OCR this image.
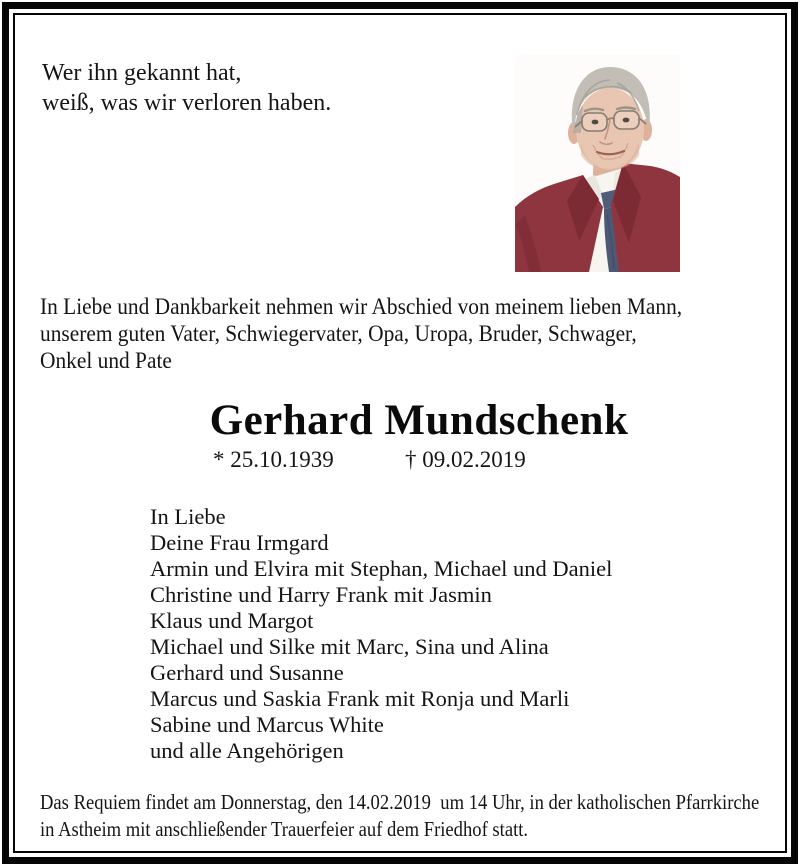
Wer ihn gekannt hat,
weiß, was wir verloren haben.
In Liebe und Dankbarkeit nehmen wir Abschied von meinem lieben Mann,
unserem guten Vater, Schwiegervater, Opa, Uropa, Bruder, Schwager,
Onkel und Pate
Gerhard Mundschenk
* 25.10.1939	† 09.02.2019
In Liebe
Deine Frau Irmgard
Armin und Elvira mit Stephan, Michael und Daniel
Christine und Harry Frank mit Jasmin
Klaus und Margot
Michael und Silke mit Marc, Sina und Alina
Gerhard und Susanne
Marcus und Saskia Frank mit Ronja und Marli
Sabine und Marcus White
und alle Angehörigen
Das Requiem findet am Donnerstag, den 14.02.2019  um 14 Uhr, in der katholischen Pfarrkirche
in Astheim mit anschließender Trauerfeier auf dem Friedhof statt.
